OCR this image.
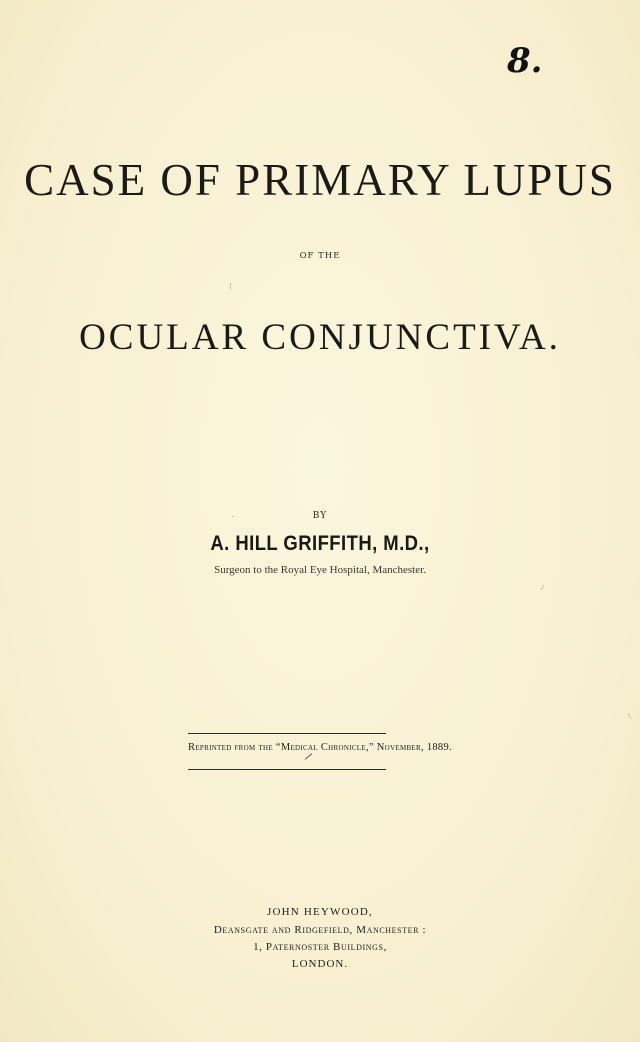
8.
CASE OF PRIMARY LUPUS
OF THE
OCULAR CONJUNCTIVA.
BY
A. HILL GRIFFITH, M.D.,
Surgeon to the Royal Eye Hospital, Manchester.
Reprinted from the “Medical Chronicle,” November, 1889.
JOHN HEYWOOD,
Deansgate and Ridgefield, Manchester :
1, Paternoster Buildings,
LONDON.
